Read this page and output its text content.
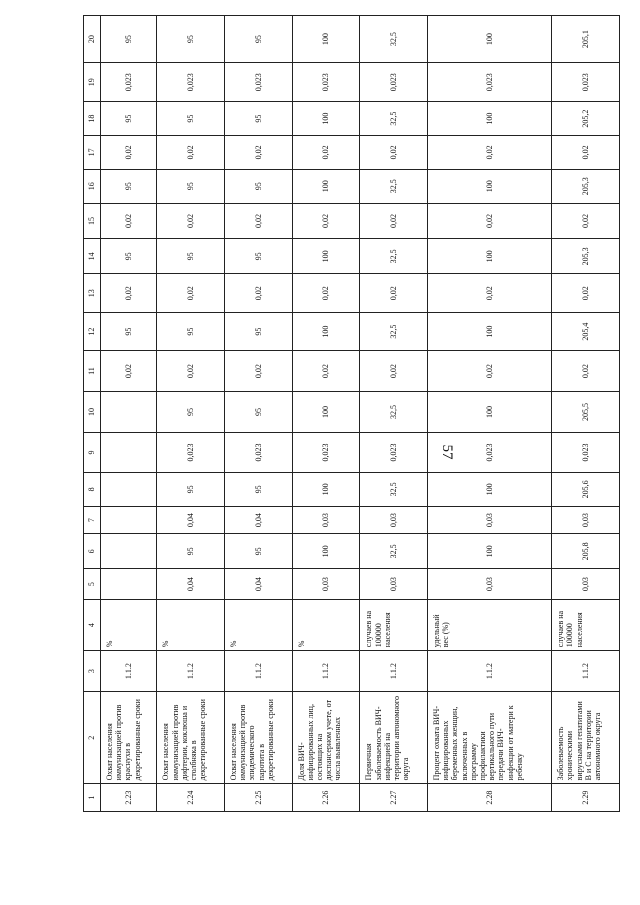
57
1	2	3	4	5	6	7	8	9	10	11	12	13	14	15	16	17	18	19	20
2.23	Охват населения иммунизацией против краснухи в декретированные сроки	1.1.2	%							0,02	95	0,02	95	0,02	95	0,02	95	0,023	95
2.24	Охват населения иммунизацией против дифтерии, коклюша и столбняка в декретированные сроки	1.1.2	%	0,04	95	0,04	95	0,023	95	0,02	95	0,02	95	0,02	95	0,02	95	0,023	95
2.25	Охват населения иммунизацией против эпидемического паротита в декретированные сроки	1.1.2	%	0,04	95	0,04	95	0,023	95	0,02	95	0,02	95	0,02	95	0,02	95	0,023	95
2.26	Доля ВИЧ-инфицированных лиц, состоящих на диспансерном учете, от числа выявленных	1.1.2	%	0,03	100	0,03	100	0,023	100	0,02	100	0,02	100	0,02	100	0,02	100	0,023	100
2.27	Первичная заболеваемость ВИЧ-инфекцией на территории автономного округа	1.1.2	случаев на 100000 населения	0,03	32,5	0,03	32,5	0,023	32,5	0,02	32,5	0,02	32,5	0,02	32,5	0,02	32,5	0,023	32,5
2.28	Процент охвата ВИЧ-инфицированных беременных женщин, включенных в программу профилактики вертикального пути передачи ВИЧ-инфекции от матери к ребенку	1.1.2	удельный вес (%)	0,03	100	0,03	100	0,023	100	0,02	100	0,02	100	0,02	100	0,02	100	0,023	100
2.29	Заболеваемость хроническими вирусными гепатитами В и С на территории автономного округа	1.1.2	случаев на 100000 населения	0,03	205,8	0,03	205,6	0,023	205,5	0,02	205,4	0,02	205,3	0,02	205,3	0,02	205,2	0,023	205,1
